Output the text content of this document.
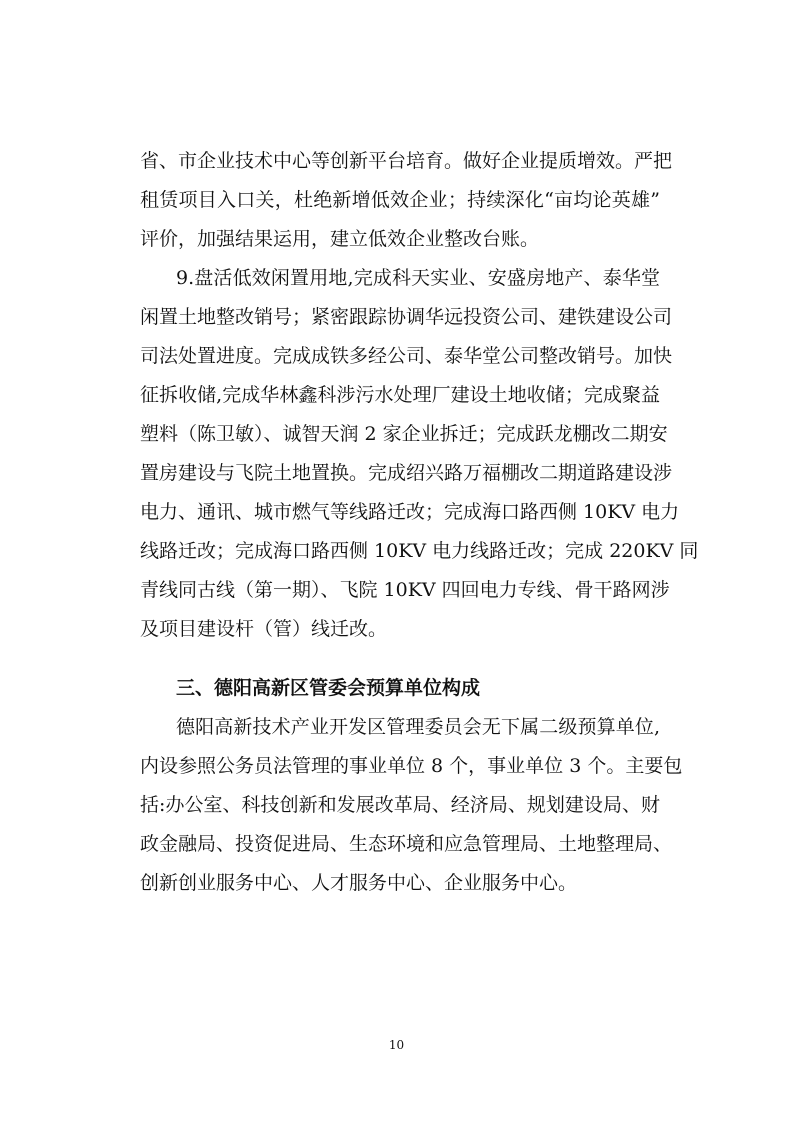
省、市企业技术中心等创新平台培育。做好企业提质增效。严把
租赁项目入口关，杜绝新增低效企业；持续深化“亩均论英雄”
评价，加强结果运用，建立低效企业整改台账。
9.盘活低效闲置用地,完成科天实业、安盛房地产、泰华堂
闲置土地整改销号；紧密跟踪协调华远投资公司、建铁建设公司
司法处置进度。完成成铁多经公司、泰华堂公司整改销号。加快
征拆收储,完成华林鑫科涉污水处理厂建设土地收储；完成聚益
塑料（陈卫敏）、诚智天润 2 家企业拆迁；完成跃龙棚改二期安
置房建设与飞院土地置换。完成绍兴路万福棚改二期道路建设涉
电力、通讯、城市燃气等线路迁改；完成海口路西侧 10KV 电力
线路迁改；完成海口路西侧 10KV 电力线路迁改；完成 220KV 同
青线同古线（第一期）、飞院 10KV 四回电力专线、骨干路网涉
及项目建设杆（管）线迁改。
三、德阳高新区管委会预算单位构成
德阳高新技术产业开发区管理委员会无下属二级预算单位,
内设参照公务员法管理的事业单位 8 个，事业单位 3 个。主要包
括:办公室、科技创新和发展改革局、经济局、规划建设局、财
政金融局、投资促进局、生态环境和应急管理局、土地整理局、
创新创业服务中心、人才服务中心、企业服务中心。
10
